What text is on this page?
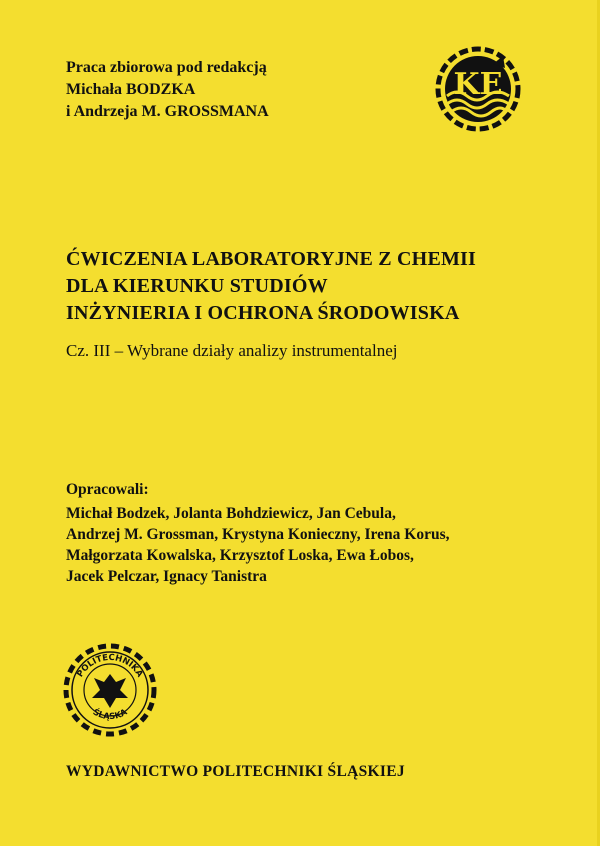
Praca zbiorowa pod redakcją
Michała BODZKA
i Andrzeja M. GROSSMANA
KE
ĆWICZENIA LABORATORYJNE Z CHEMII
DLA KIERUNKU STUDIÓW
INŻYNIERIA I OCHRONA ŚRODOWISKA
Cz. III – Wybrane działy analizy instrumentalnej
Opracowali:
Michał Bodzek, Jolanta Bohdziewicz, Jan Cebula,
Andrzej M. Grossman, Krystyna Konieczny, Irena Korus,
Małgorzata Kowalska, Krzysztof Loska, Ewa Łobos,
Jacek Pelczar, Ignacy Tanistra
POLITECHNIKA
ŚLĄSKA
WYDAWNICTWO POLITECHNIKI ŚLĄSKIEJ
